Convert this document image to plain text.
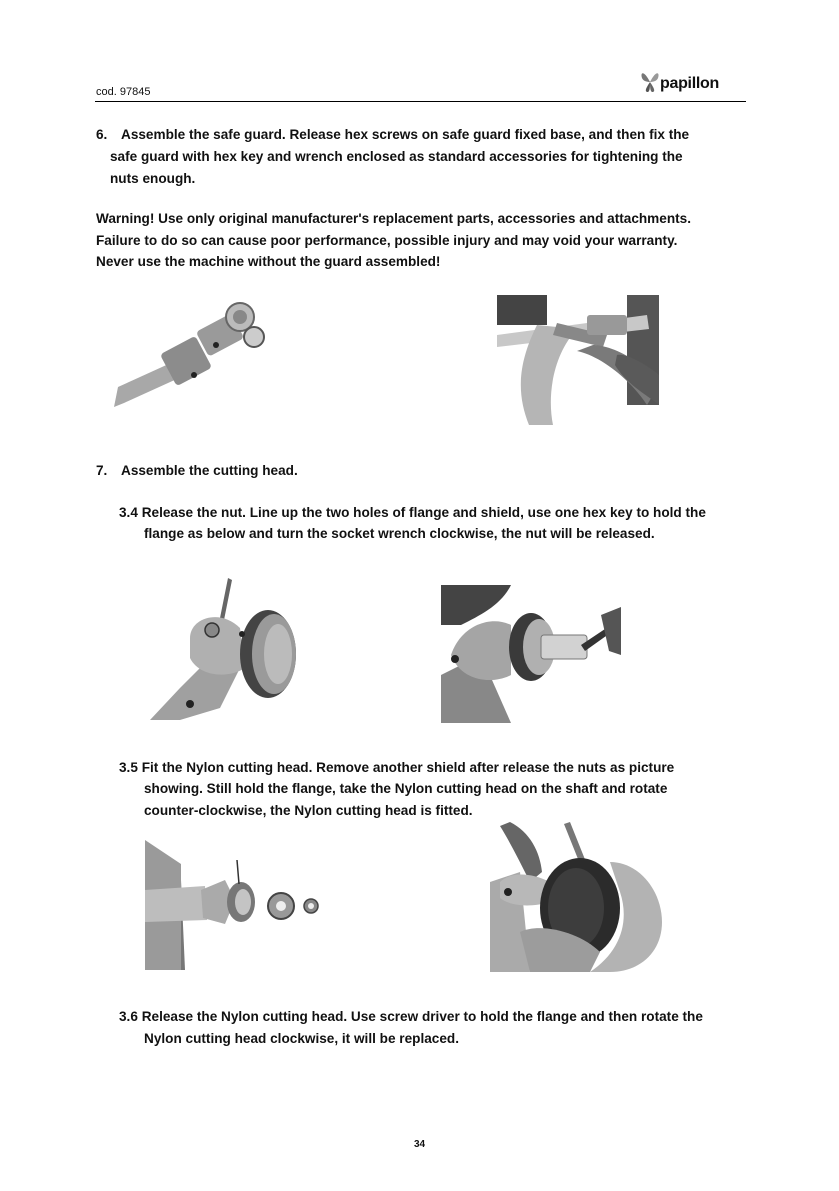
cod. 97845	papillon
6. Assemble the safe guard. Release hex screws on safe guard fixed base, and then fix the
safe guard with hex key and wrench enclosed as standard accessories for tightening the
nuts enough.
Warning! Use only original manufacturer's replacement parts, accessories and attachments.
Failure to do so can cause poor performance, possible injury and may void your warranty.
Never use the machine without the guard assembled!
7. Assemble the cutting head.
3.4 Release the nut. Line up the two holes of flange and shield, use one hex key to hold the
flange as below and turn the socket wrench clockwise, the nut will be released.
3.5 Fit the Nylon cutting head. Remove another shield after release the nuts as picture
showing. Still hold the flange, take the Nylon cutting head on the shaft and rotate
counter-clockwise, the Nylon cutting head is fitted.
3.6 Release the Nylon cutting head. Use screw driver to hold the flange and then rotate the
Nylon cutting head clockwise, it will be replaced.
34
